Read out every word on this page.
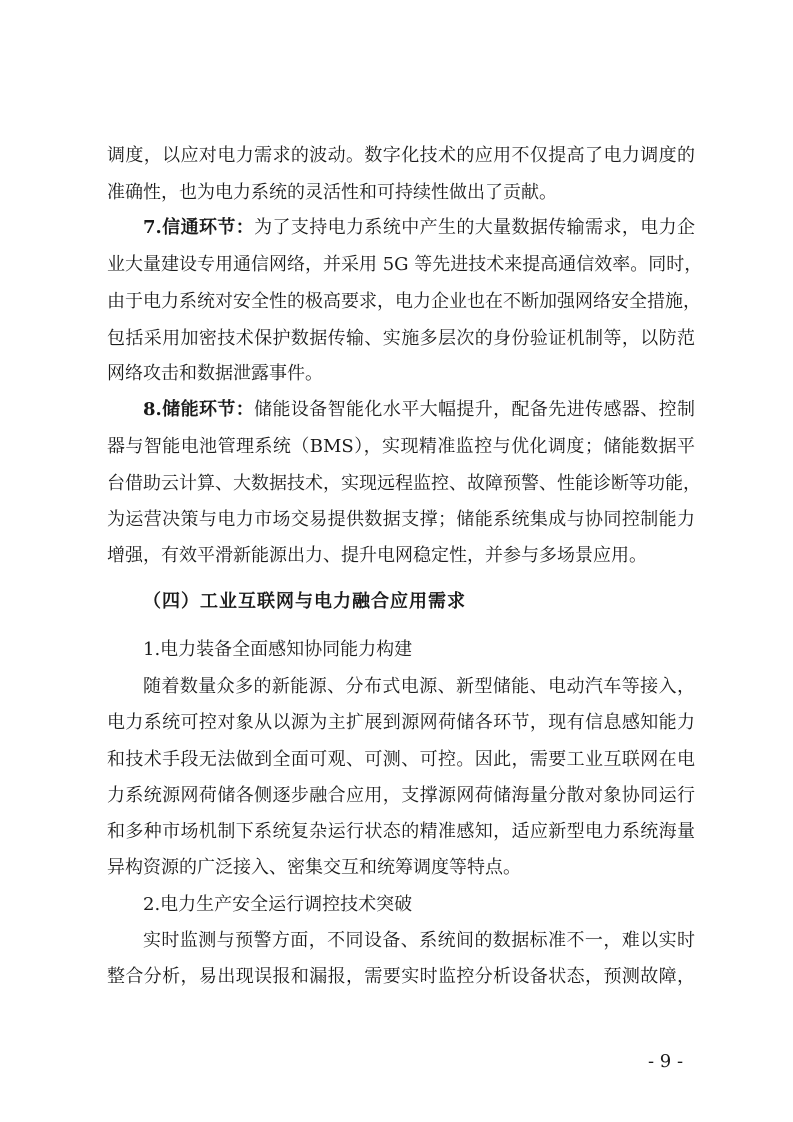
调度，以应对电力需求的波动。数字化技术的应用不仅提高了电力调度的
准确性，也为电力系统的灵活性和可持续性做出了贡献。
7.信通环节：为了支持电力系统中产生的大量数据传输需求，电力企
业大量建设专用通信网络，并采用 5G 等先进技术来提高通信效率。同时，
由于电力系统对安全性的极高要求，电力企业也在不断加强网络安全措施，
包括采用加密技术保护数据传输、实施多层次的身份验证机制等，以防范
网络攻击和数据泄露事件。
8.储能环节：储能设备智能化水平大幅提升，配备先进传感器、控制
器与智能电池管理系统（BMS），实现精准监控与优化调度；储能数据平
台借助云计算、大数据技术，实现远程监控、故障预警、性能诊断等功能，
为运营决策与电力市场交易提供数据支撑；储能系统集成与协同控制能力
增强，有效平滑新能源出力、提升电网稳定性，并参与多场景应用。
（四）工业互联网与电力融合应用需求
1.电力装备全面感知协同能力构建
随着数量众多的新能源、分布式电源、新型储能、电动汽车等接入，
电力系统可控对象从以源为主扩展到源网荷储各环节，现有信息感知能力
和技术手段无法做到全面可观、可测、可控。因此，需要工业互联网在电
力系统源网荷储各侧逐步融合应用，支撑源网荷储海量分散对象协同运行
和多种市场机制下系统复杂运行状态的精准感知，适应新型电力系统海量
异构资源的广泛接入、密集交互和统筹调度等特点。
2.电力生产安全运行调控技术突破
实时监测与预警方面，不同设备、系统间的数据标准不一，难以实时
整合分析，易出现误报和漏报，需要实时监控分析设备状态，预测故障，
- 9 -
